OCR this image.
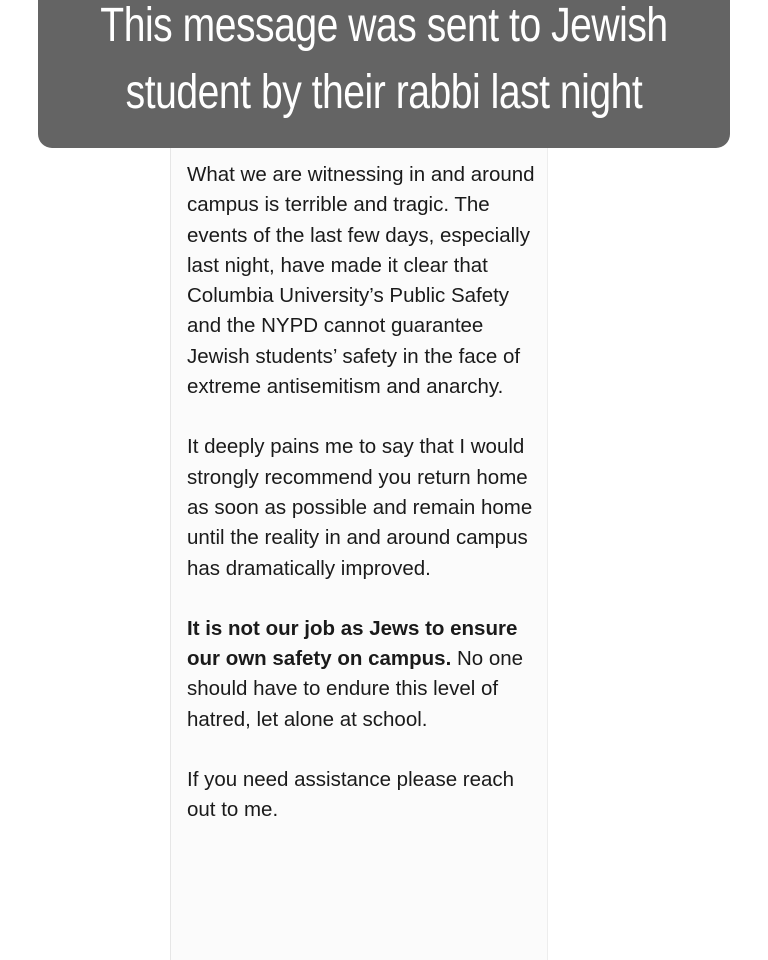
What we are witnessing in and around campus is terrible and tragic. The events of the last few days, especially last night, have made it clear that Columbia University’s Public Safety and the NYPD cannot guarantee Jewish students’ safety in the face of extreme antisemitism and anarchy.

It deeply pains me to say that I would strongly recommend you return home as soon as possible and remain home until the reality in and around campus has dramatically improved.

It is not our job as Jews to ensure our own safety on campus. No one should have to endure this level of hatred, let alone at school.

If you need assistance please reach out to me.

This message was sent to Jewish
student by their rabbi last night
